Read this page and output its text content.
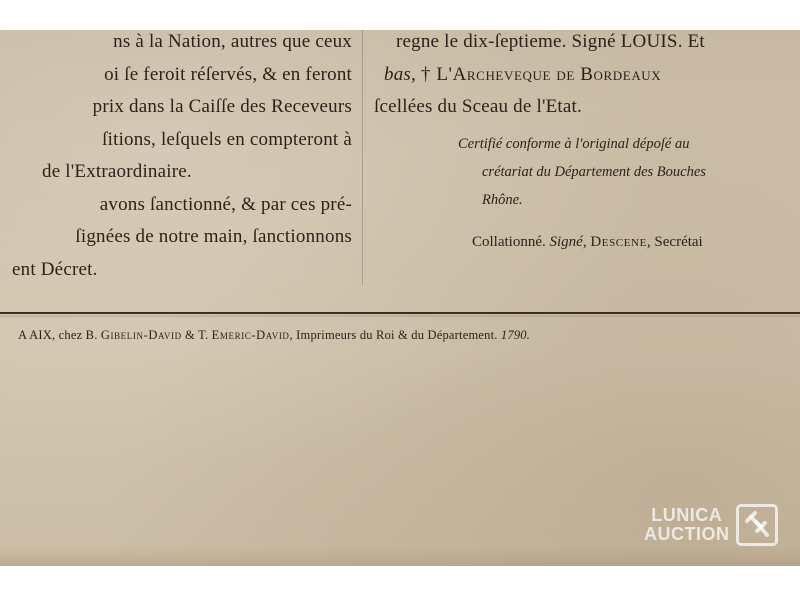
ns à la Nation, autres que ceux
oi ſe feroit réſervés, & en feront
prix dans la Caiſſe des Receveurs
ſitions, leſquels en compteront à
de l'Extraordinaire.
avons ſanctionné, & par ces pré-
ſignées de notre main, ſanctionnons
ent Décret.
regne le dix-ſeptieme. Signé LOUIS. Et
bas, † L'Archeveque de Bordeaux
ſcellées du Sceau de l'Etat.
Certifié conforme à l'original dépoſé au
crétariat du Département des Bouches
Rhône.
Collationné. Signé, Descene, Secrétai
A AIX, chez B. Gibelin-David & T. Emeric-David, Imprimeurs du Roi & du Département. 1790.
LUNICA
AUCTION
